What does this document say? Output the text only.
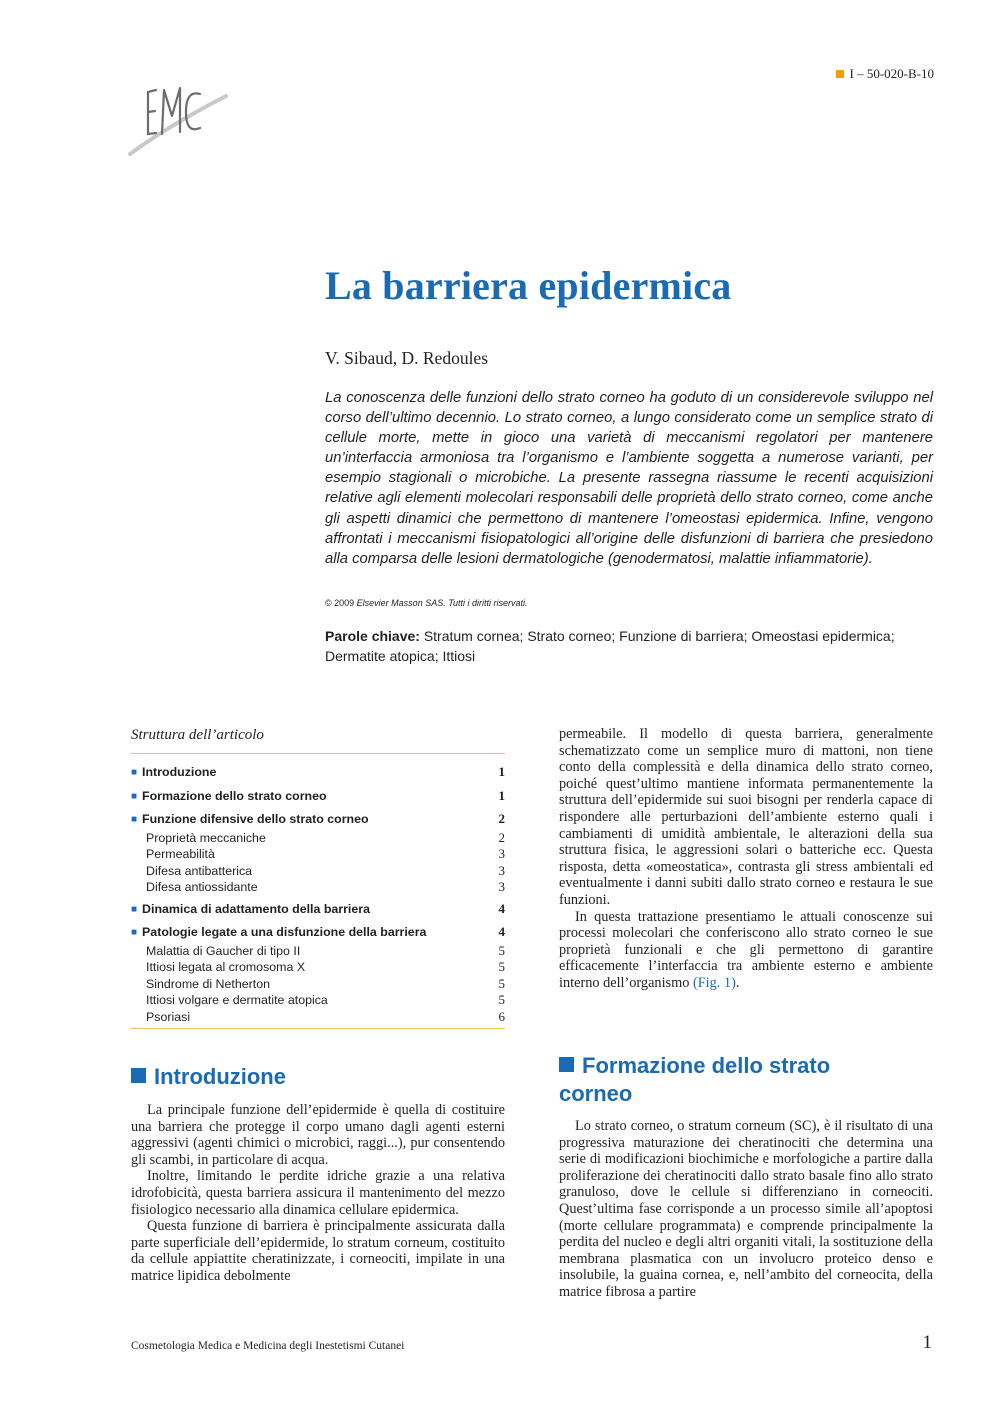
I – 50-020-B-10
La barriera epidermica
V. Sibaud, D. Redoules

La conoscenza delle funzioni dello strato corneo ha goduto di un considerevole sviluppo nel corso dell’ultimo decennio. Lo strato corneo, a lungo considerato come un semplice strato di cellule morte, mette in gioco una varietà di meccanismi regolatori per mantenere un’interfaccia armoniosa tra l’organismo e l’ambiente soggetta a numerose varianti, per esempio stagionali o microbiche. La presente rassegna riassume le recenti acquisizioni relative agli elementi molecolari responsabili delle proprietà dello strato corneo, come anche gli aspetti dinamici che permettono di mantenere l’omeostasi epidermica. Infine, vengono affrontati i meccanismi fisiopatologici all’origine delle disfunzioni di barriera che presiedono alla comparsa delle lesioni dermatologiche (genodermatosi, malattie infiammatorie).

© 2009 Elsevier Masson SAS. Tutti i diritti riservati.
Parole chiave: Stratum cornea; Strato corneo; Funzione di barriera; Omeostasi epidermica; Dermatite atopica; Ittiosi
Struttura dell’articolo
■ Introduzione	1
■ Formazione dello strato corneo	1
■ Funzione difensive dello strato corneo	2
Proprietà meccaniche	2
Permeabilità	3
Difesa antibatterica	3
Difesa antiossidante	3
■ Dinamica di adattamento della barriera	4
■ Patologie legate a una disfunzione della barriera	4
Malattia di Gaucher di tipo II	5
Ittiosi legata al cromosoma X	5
Sindrome di Netherton	5
Ittiosi volgare e dermatite atopica	5
Psoriasi	6
Introduzione

La principale funzione dell’epidermide è quella di costituire una barriera che protegge il corpo umano dagli agenti esterni aggressivi (agenti chimici o microbici, raggi...), pur consentendo gli scambi, in particolare di acqua.

Inoltre, limitando le perdite idriche grazie a una relativa idrofobicità, questa barriera assicura il mantenimento del mezzo fisiologico necessario alla dinamica cellulare epidermica.

Questa funzione di barriera è principalmente assicurata dalla parte superficiale dell’epidermide, lo stratum corneum, costituito da cellule appiattite cheratinizzate, i corneociti, impilate in una matrice lipidica debolmente

permeabile. Il modello di questa barriera, generalmente schematizzato come un semplice muro di mattoni, non tiene conto della complessità e della dinamica dello strato corneo, poiché quest’ultimo mantiene informata permanentemente la struttura dell’epidermide sui suoi bisogni per renderla capace di rispondere alle perturbazioni dell’ambiente esterno quali i cambiamenti di umidità ambientale, le alterazioni della sua struttura fisica, le aggressioni solari o batteriche ecc. Questa risposta, detta «omeostatica», contrasta gli stress ambientali ed eventualmente i danni subiti dallo strato corneo e restaura le sue funzioni.

In questa trattazione presentiamo le attuali conoscenze sui processi molecolari che conferiscono allo strato corneo le sue proprietà funzionali e che gli permettono di garantire efficacemente l’interfaccia tra ambiente esterno e ambiente interno dell’organismo (Fig. 1).

Formazione dello strato
corneo

Lo strato corneo, o stratum corneum (SC), è il risultato di una progressiva maturazione dei cheratinociti che determina una serie di modificazioni biochimiche e morfologiche a partire dalla proliferazione dei cheratinociti dallo strato basale fino allo strato granuloso, dove le cellule si differenziano in corneociti. Quest’ultima fase corrisponde a un processo simile all’apoptosi (morte cellulare programmata) e comprende principalmente la perdita del nucleo e degli altri organiti vitali, la sostituzione della membrana plasmatica con un involucro proteico denso e insolubile, la guaina cornea, e, nell’ambito del corneocita, della matrice fibrosa a partire

Cosmetologia Medica e Medicina degli Inestetismi Cutanei	1
